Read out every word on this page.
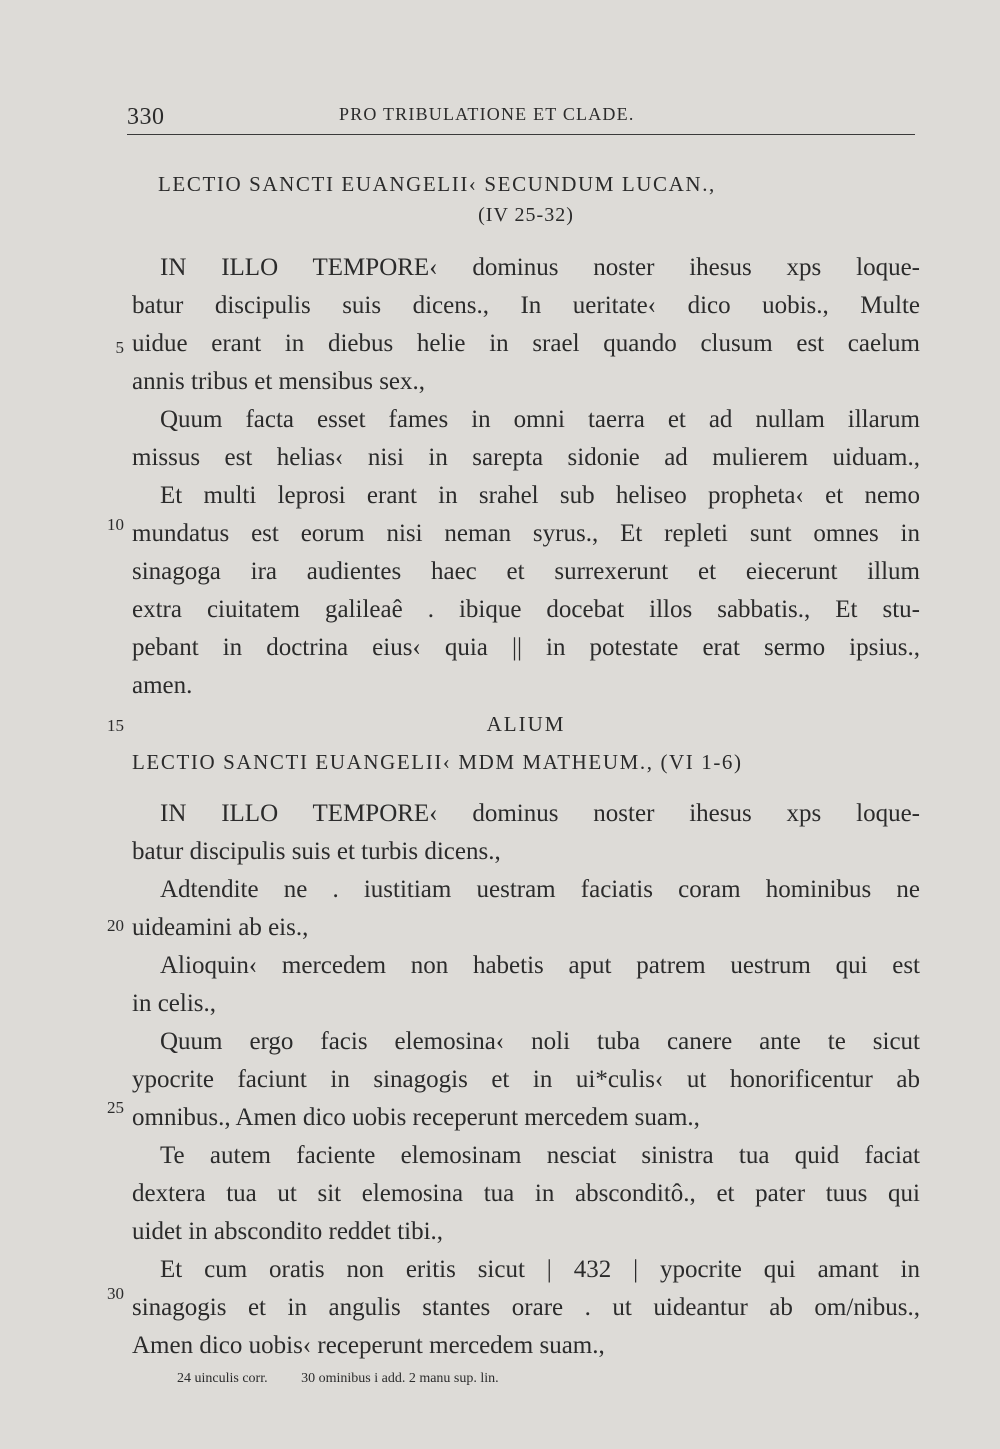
330	PRO TRIBULATIONE ET CLADE.
LECTIO SANCTI EUANGELII‹ SECUNDUM LUCAN.,
(IV 25-32)
IN ILLO TEMPORE‹ dominus noster ihesus xps loque-
batur discipulis suis dicens., In ueritate‹ dico uobis., Multe
uidue erant in diebus helie in srael quando clusum est caelum
annis tribus et mensibus sex.,
Quum facta esset fames in omni taerra et ad nullam illarum
missus est helias‹ nisi in sarepta sidonie ad mulierem uiduam.,
Et multi leprosi erant in srahel sub heliseo propheta‹ et nemo
mundatus est eorum nisi neman syrus., Et repleti sunt omnes in
sinagoga ira audientes haec et surrexerunt et eiecerunt illum
extra ciuitatem galileaê . ibique docebat illos sabbatis., Et stu-
pebant in doctrina eius‹ quia || in potestate erat sermo ipsius.,
amen.
ALIUM
LECTIO SANCTI EUANGELII‹ MDM MATHEUM., (VI 1-6)
IN ILLO TEMPORE‹ dominus noster ihesus xps loque-
batur discipulis suis et turbis dicens.,
Adtendite ne . iustitiam uestram faciatis coram hominibus ne
uideamini ab eis.,
Alioquin‹ mercedem non habetis aput patrem uestrum qui est
in celis.,
Quum ergo facis elemosina‹ noli tuba canere ante te sicut
ypocrite faciunt in sinagogis et in ui*culis‹ ut honorificentur ab
omnibus., Amen dico uobis receperunt mercedem suam.,
Te autem faciente elemosinam nesciat sinistra tua quid faciat
dextera tua ut sit elemosina tua in absconditô., et pater tuus qui
uidet in abscondito reddet tibi.,
Et cum oratis non eritis sicut | 432 | ypocrite qui amant in
sinagogis et in angulis stantes orare . ut uideantur ab om/nibus.,
Amen dico uobis‹ receperunt mercedem suam.,
5
10
15
20
25
30
24 uinculis corr. 30 ominibus i add. 2 manu sup. lin.
